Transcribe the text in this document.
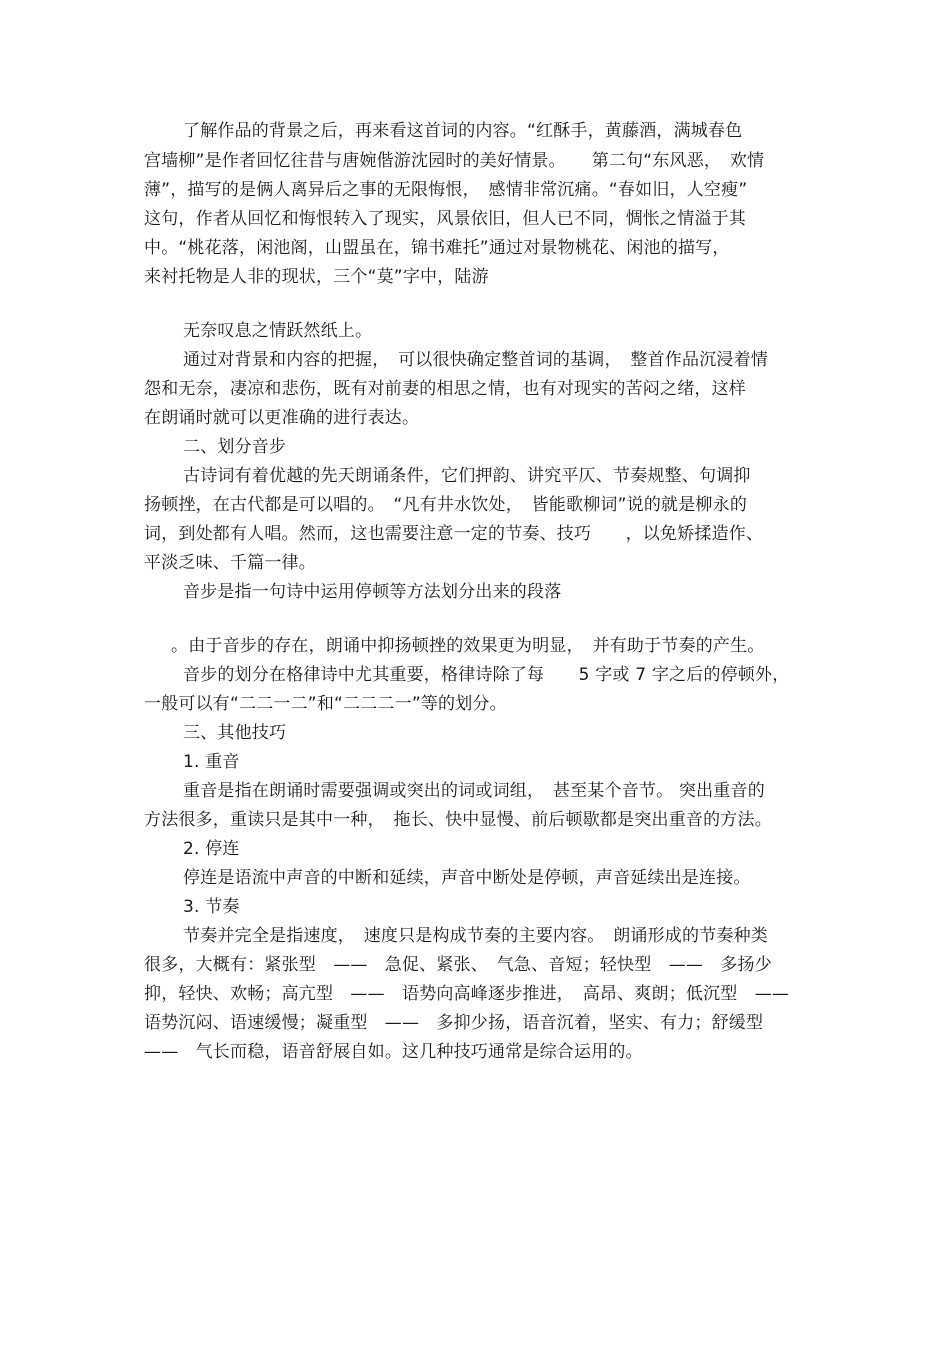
了解作品的背景之后，再来看这首词的内容。“红酥手，黄藤酒，满城春色
宫墙柳”是作者回忆往昔与唐婉偕游沈园时的美好情景。　　第二句“东风恶，　欢情
薄”，描写的是俩人离异后之事的无限悔恨，　感情非常沉痛。“春如旧，人空瘦”
这句，作者从回忆和悔恨转入了现实，风景依旧，但人已不同，惆怅之情溢于其
中。“桃花落，闲池阁，山盟虽在，锦书难托”通过对景物桃花、闲池的描写，
来衬托物是人非的现状，三个“莫”字中，陆游
无奈叹息之情跃然纸上。
通过对背景和内容的把握，　可以很快确定整首词的基调，　整首作品沉浸着情
怨和无奈，凄凉和悲伤，既有对前妻的相思之情，也有对现实的苦闷之绪，这样
在朗诵时就可以更准确的进行表达。
二、划分音步
古诗词有着优越的先天朗诵条件，它们押韵、讲究平仄、节奏规整、句调抑
扬顿挫，在古代都是可以唱的。　“凡有井水饮处，　皆能歌柳词”说的就是柳永的
词，到处都有人唱。然而，这也需要注意一定的节奏、技巧　　，以免矫揉造作、
平淡乏味、千篇一律。
音步是指一句诗中运用停顿等方法划分出来的段落
。由于音步的存在，朗诵中抑扬顿挫的效果更为明显，　并有助于节奏的产生。
音步的划分在格律诗中尤其重要，格律诗除了每　　5 字或 7 字之后的停顿外，
一般可以有“二二一二”和“二二二一”等的划分。
三、其他技巧
1. 重音
重音是指在朗诵时需要强调或突出的词或词组，　甚至某个音节。 突出重音的
方法很多，重读只是其中一种，　拖长、快中显慢、前后顿歇都是突出重音的方法。
2. 停连
停连是语流中声音的中断和延续，声音中断处是停顿，声音延续出是连接。
3. 节奏
节奏并完全是指速度，　速度只是构成节奏的主要内容。　朗诵形成的节奏种类
很多，大概有：紧张型　——　急促、紧张、　气急、音短；轻快型　——　多扬少
抑，轻快、欢畅；高亢型　——　语势向高峰逐步推进，　高昂、爽朗；低沉型　——
语势沉闷、语速缓慢；凝重型　——　多抑少扬，语音沉着，坚实、有力；舒缓型
——　气长而稳，语音舒展自如。这几种技巧通常是综合运用的。
